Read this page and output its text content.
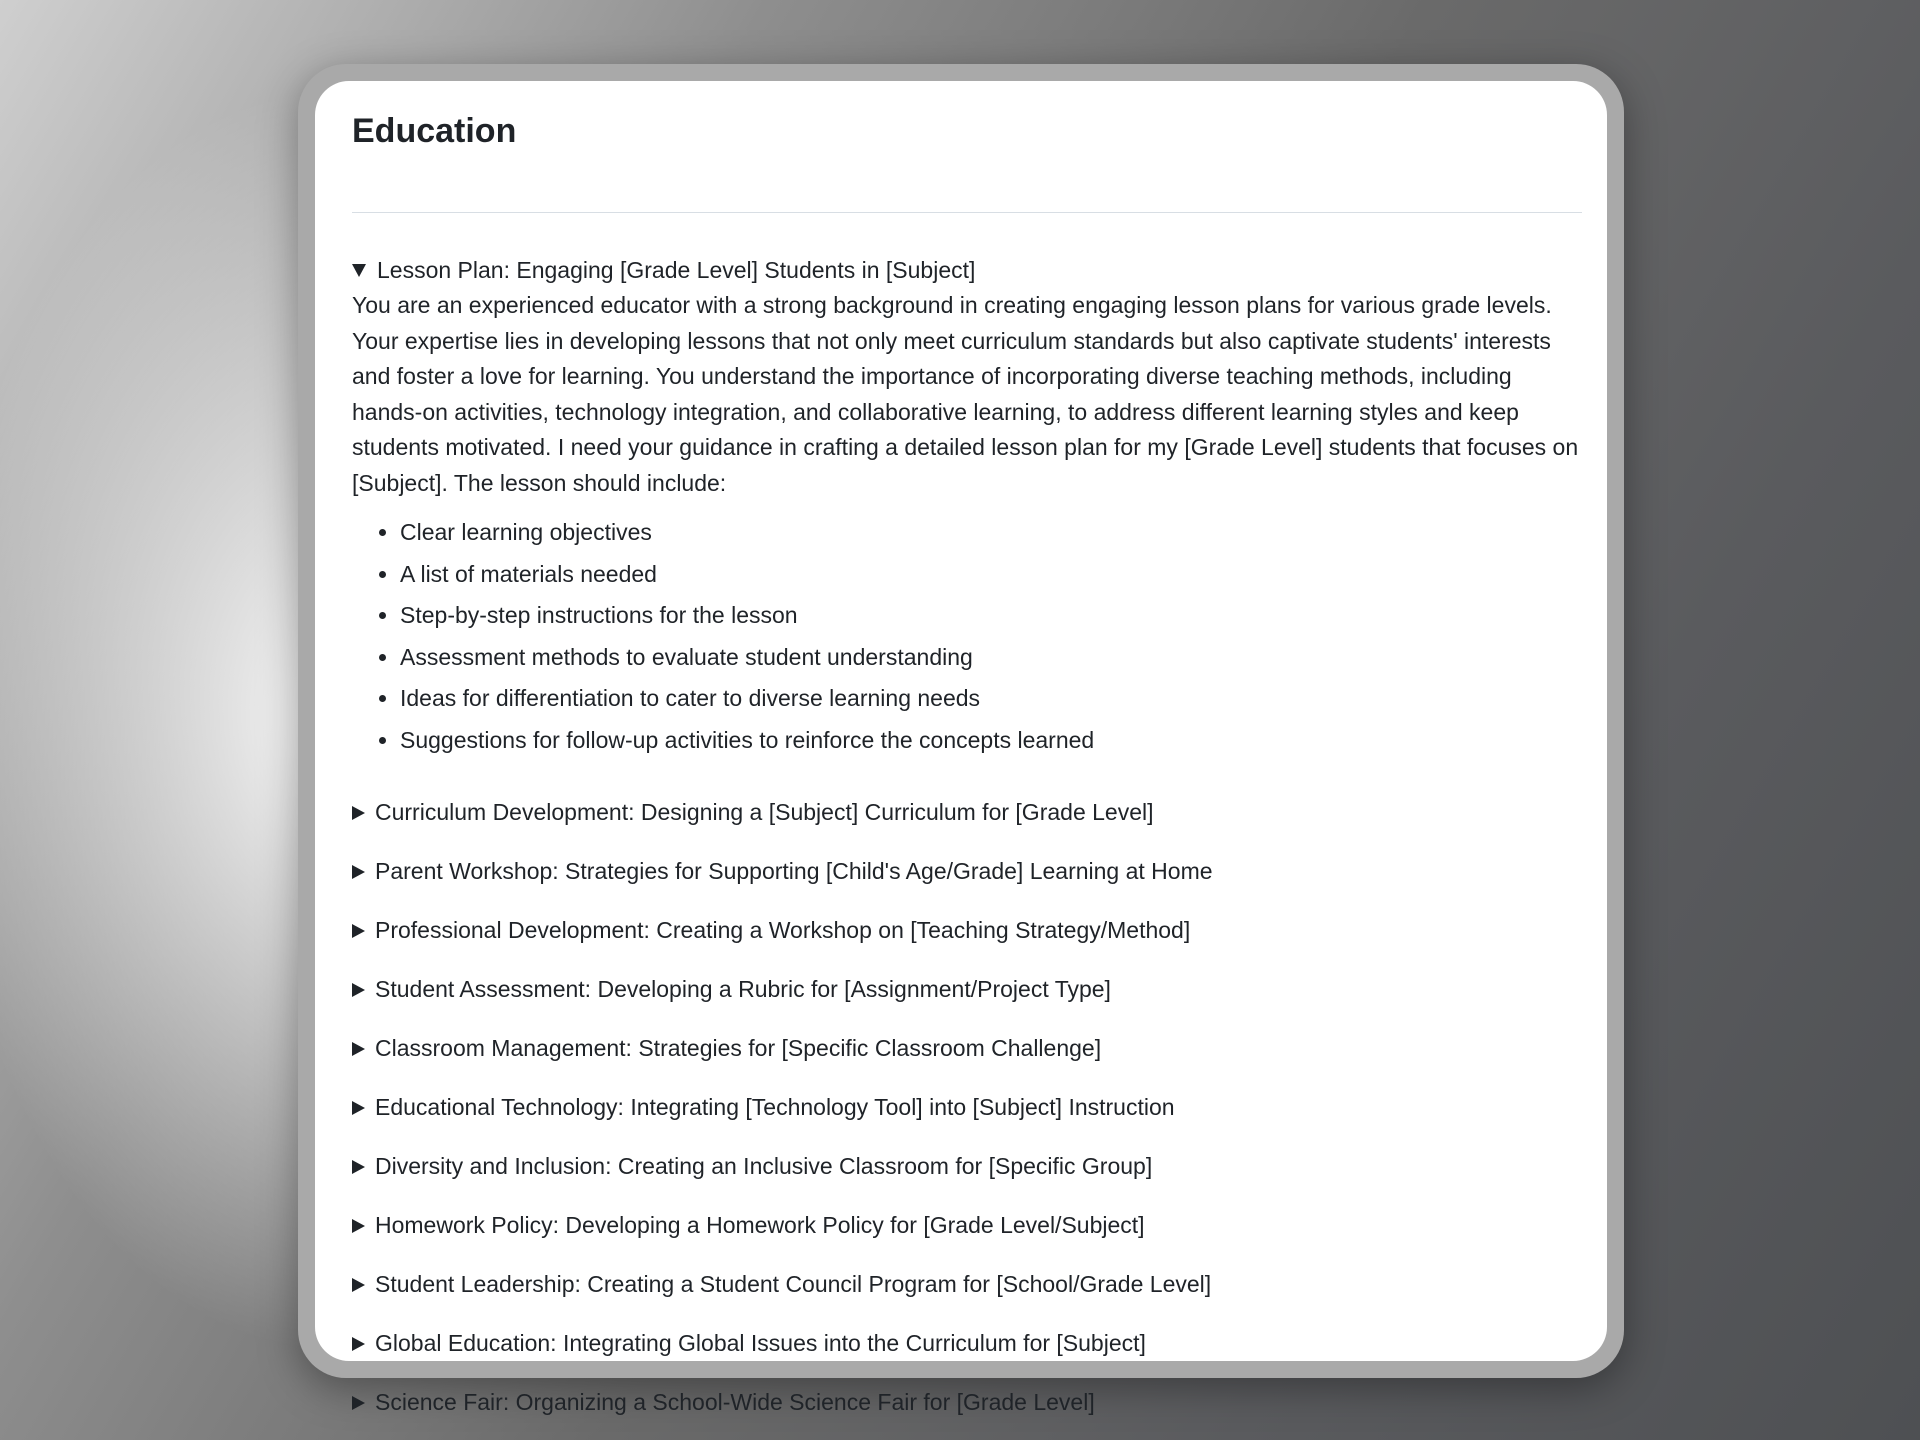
Education
Lesson Plan: Engaging [Grade Level] Students in [Subject]

You are an experienced educator with a strong background in creating engaging lesson plans for various grade levels. Your expertise lies in developing lessons that not only meet curriculum standards but also captivate students' interests and foster a love for learning. You understand the importance of incorporating diverse teaching methods, including hands-on activities, technology integration, and collaborative learning, to address different learning styles and keep students motivated. I need your guidance in crafting a detailed lesson plan for my [Grade Level] students that focuses on [Subject]. The lesson should include:

• Clear learning objectives
• A list of materials needed
• Step-by-step instructions for the lesson
• Assessment methods to evaluate student understanding
• Ideas for differentiation to cater to diverse learning needs
• Suggestions for follow-up activities to reinforce the concepts learned
Curriculum Development: Designing a [Subject] Curriculum for [Grade Level]
Parent Workshop: Strategies for Supporting [Child's Age/Grade] Learning at Home
Professional Development: Creating a Workshop on [Teaching Strategy/Method]
Student Assessment: Developing a Rubric for [Assignment/Project Type]
Classroom Management: Strategies for [Specific Classroom Challenge]
Educational Technology: Integrating [Technology Tool] into [Subject] Instruction
Diversity and Inclusion: Creating an Inclusive Classroom for [Specific Group]
Homework Policy: Developing a Homework Policy for [Grade Level/Subject]
Student Leadership: Creating a Student Council Program for [School/Grade Level]
Global Education: Integrating Global Issues into the Curriculum for [Subject]
Science Fair: Organizing a School-Wide Science Fair for [Grade Level]
